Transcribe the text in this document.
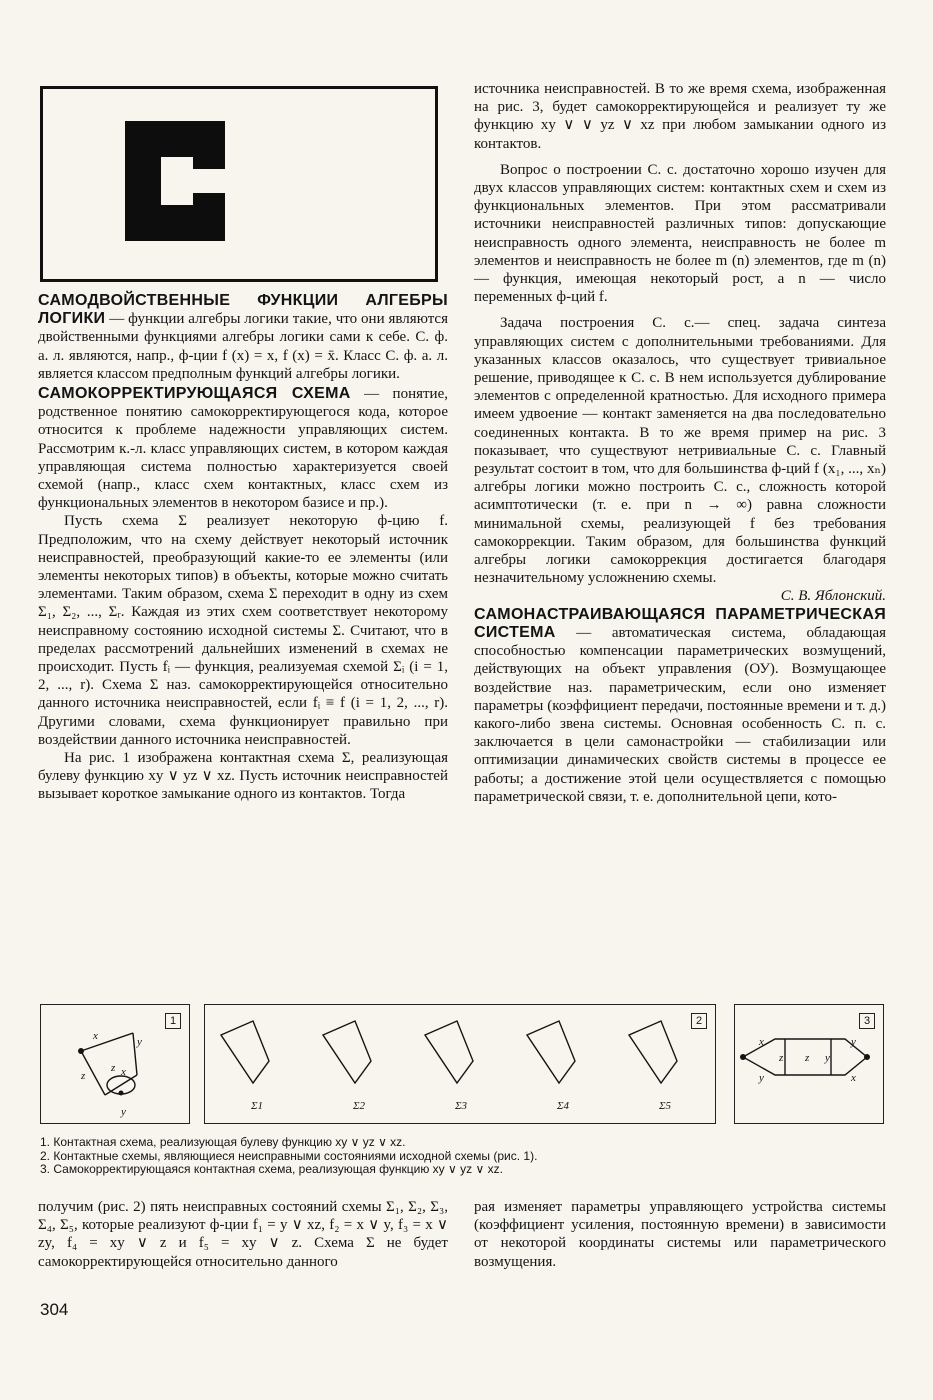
САМОДВОЙСТВЕННЫЕ ФУНКЦИИ АЛГЕБРЫ ЛОГИКИ — функции алгебры логики такие, что они являются двойственными функциями алгебры логики сами к себе. С. ф. а. л. являются, напр., ф-ции f (x) = x, f (x) = x̄. Класс С. ф. а. л. является классом предполным функций алгебры логики.

САМОКОРРЕКТИРУЮЩАЯСЯ СХЕМА — понятие, родственное понятию самокорректирующегося кода, которое относится к проблеме надежности управляющих систем. Рассмотрим к.-л. класс управляющих систем, в котором каждая управляющая система полностью характеризуется своей схемой (напр., класс схем контактных, класс схем из функциональных элементов в некотором базисе и пр.).

Пусть схема Σ реализует некоторую ф-цию f. Предположим, что на схему действует некоторый источник неисправностей, преобразующий какие-то ее элементы (или элементы некоторых типов) в объекты, которые можно считать элементами. Таким образом, схема Σ переходит в одну из схем Σ₁, Σ₂, ..., Σᵣ. Каждая из этих схем соответствует некоторому неисправному состоянию исходной системы Σ. Считают, что в пределах рассмотрений дальнейших изменений в схемах не происходит. Пусть fᵢ — функция, реализуемая схемой Σᵢ (i = 1, 2, ..., r). Схема Σ наз. самокорректирующейся относительно данного источника неисправностей, если fᵢ ≡ f (i = 1, 2, ..., r). Другими словами, схема функционирует правильно при воздействии данного источника неисправностей.

На рис. 1 изображена контактная схема Σ, реализующая булеву функцию xy ∨ yz ∨ xz. Пусть источник неисправностей вызывает короткое замыкание одного из контактов. Тогда

источника неисправностей. В то же время схема, изображенная на рис. 3, будет самокорректирующейся и реализует ту же функцию xy ∨ ∨ yz ∨ xz при любом замыкании одного из контактов.

Вопрос о построении С. с. достаточно хорошо изучен для двух классов управляющих систем: контактных схем и схем из функциональных элементов. При этом рассматривали источники неисправностей различных типов: допускающие неисправность одного элемента, неисправность не более m элементов и неисправность не более m (n) элементов, где m (n) — функция, имеющая некоторый рост, а n — число переменных ф-ций f.

Задача построения С. с.— спец. задача синтеза управляющих систем с дополнительными требованиями. Для указанных классов оказалось, что существует тривиальное решение, приводящее к С. с. В нем используется дублирование элементов с определенной кратностью. Для исходного примера имеем удвоение — контакт заменяется на два последовательно соединенных контакта. В то же время пример на рис. 3 показывает, что существуют нетривиальные С. с. Главный результат состоит в том, что для большинства ф-ций f (x₁, ..., xₙ) алгебры логики можно построить С. с., сложность которой асимптотически (т. е. при n → ∞) равна сложности минимальной схемы, реализующей f без требования самокоррекции. Таким образом, для большинства функций алгебры логики самокоррекция достигается благодаря незначительному усложнению схемы.

С. В. Яблонский.

САМОНАСТРАИВАЮЩАЯСЯ ПАРАМЕТРИЧЕСКАЯ СИСТЕМА — автоматическая система, обладающая способностью компенсации параметрических возмущений, действующих на объект управления (ОУ). Возмущающее воздействие наз. параметрическим, если оно изменяет параметры (коэффициент передачи, постоянные времени и т. д.) какого-либо звена системы. Основная особенность С. п. с. заключается в цели самонастройки — стабилизации или оптимизации динамических свойств системы в процессе ее работы; а достижение этой цели осуществляется с помощью параметрической связи, т. е. дополнительной цепи, кото-

1
x	y
z
z	x
y
2
Σ1	Σ2	Σ3	Σ4	Σ5
3
x	y
y	x
z	y
z
1. Контактная схема, реализующая булеву функцию xy ∨ yz ∨ xz.
2. Контактные схемы, являющиеся неисправными состояниями исходной схемы (рис. 1).
3. Самокорректирующаяся контактная схема, реализующая функцию xy ∨ yz ∨ xz.
получим (рис. 2) пять неисправных состояний схемы Σ₁, Σ₂, Σ₃, Σ₄, Σ₅, которые реализуют ф-ции f₁ = y ∨ xz, f₂ = x ∨ y, f₃ = x ∨ zy, f₄ = xy ∨ z и f₅ = xy ∨ z. Схема Σ не будет самокорректирующейся относительно данного
рая изменяет параметры управляющего устройства системы (коэффициент усиления, постоянную времени) в зависимости от некоторой координаты системы или параметрического возмущения.
304
